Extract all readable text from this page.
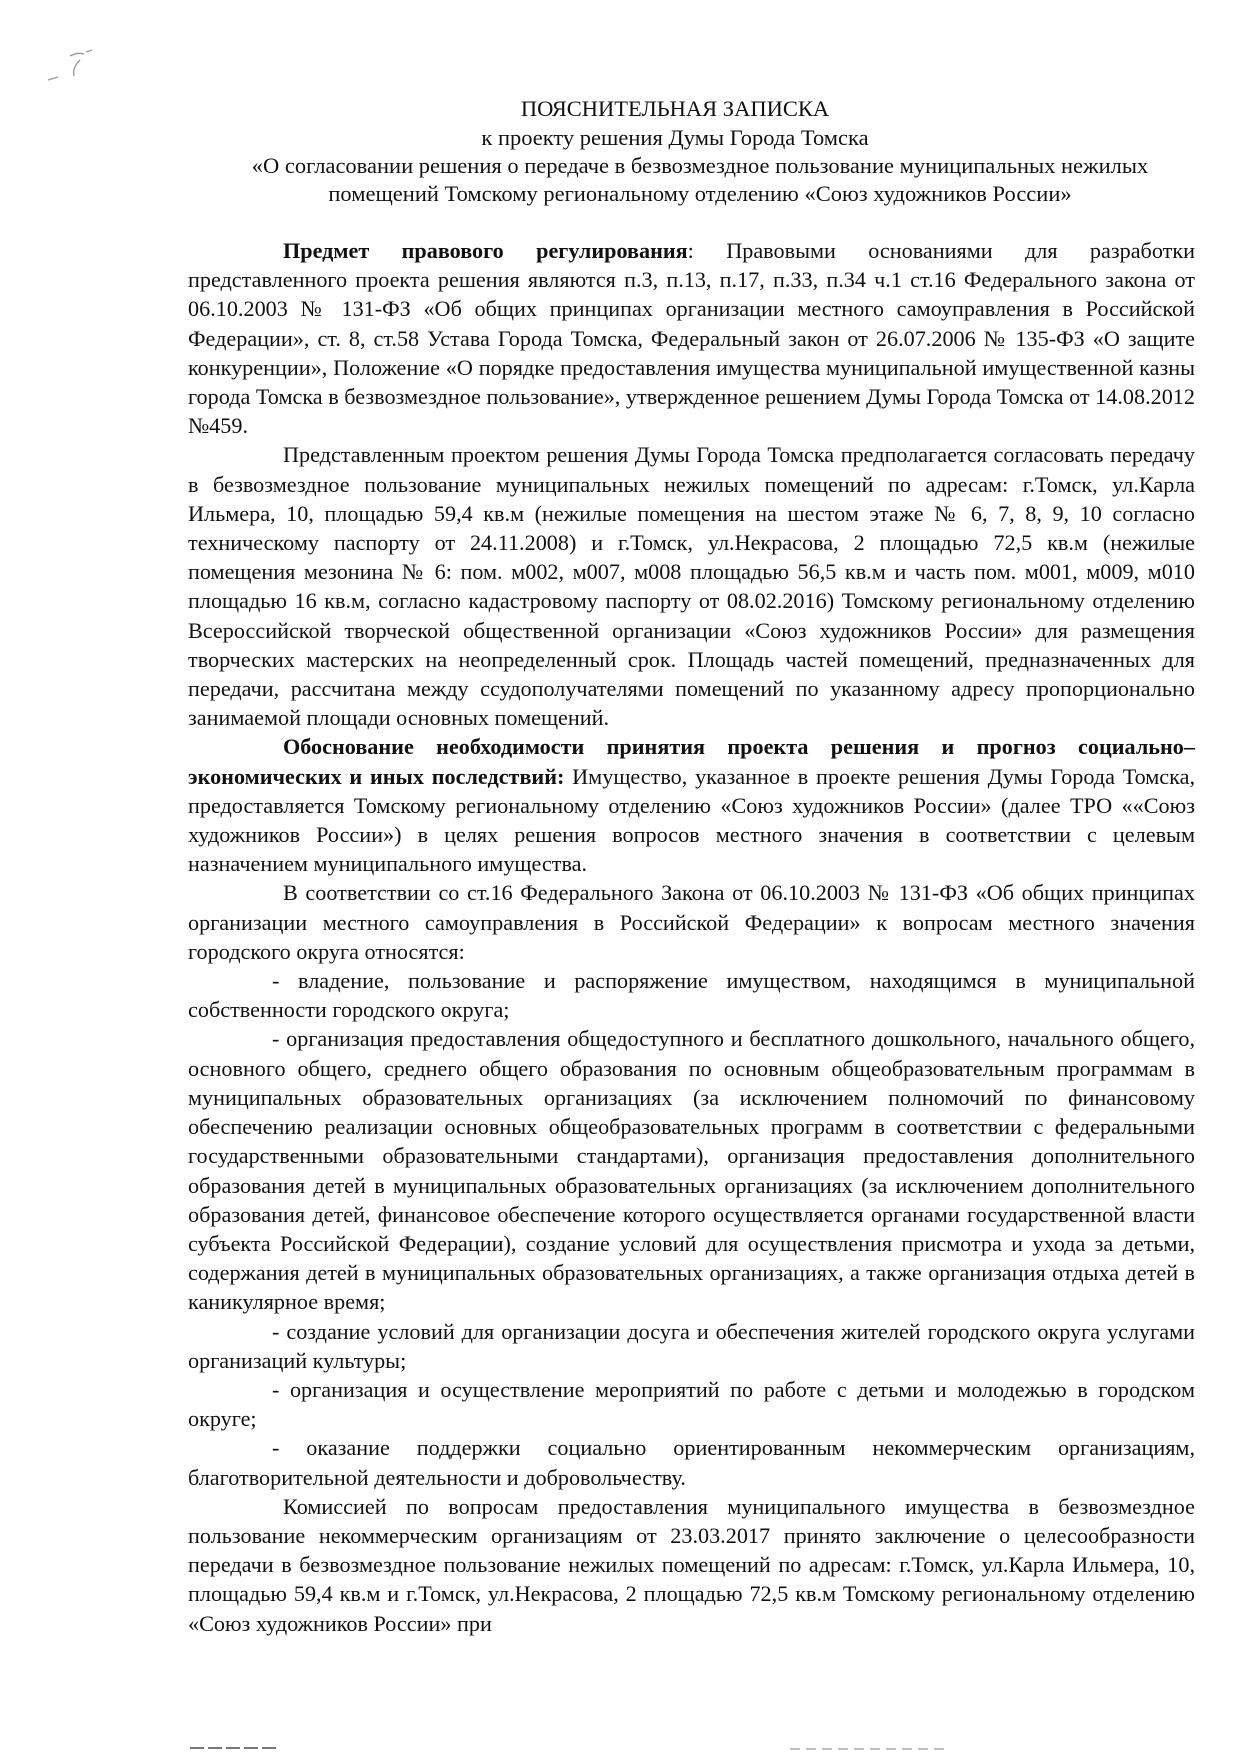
ПОЯСНИТЕЛЬНАЯ ЗАПИСКА
к проекту решения Думы Города Томска
«О согласовании решения о передаче в безвозмездное пользование муниципальных нежилых помещений Томскому региональному отделению «Союз художников России»

Предмет правового регулирования: Правовыми основаниями для разработки представленного проекта решения являются п.3, п.13, п.17, п.33, п.34 ч.1 ст.16 Федерального закона от 06.10.2003 № 131-ФЗ «Об общих принципах организации местного самоуправления в Российской Федерации», ст. 8, ст.58 Устава Города Томска, Федеральный закон от 26.07.2006 № 135-ФЗ «О защите конкуренции», Положение «О порядке предоставления имущества муниципальной имущественной казны города Томска в безвозмездное пользование», утвержденное решением Думы Города Томска от 14.08.2012 №459.

Представленным проектом решения Думы Города Томска предполагается согласовать передачу в безвозмездное пользование муниципальных нежилых помещений по адресам: г.Томск, ул.Карла Ильмера, 10, площадью 59,4 кв.м (нежилые помещения на шестом этаже № 6, 7, 8, 9, 10 согласно техническому паспорту от 24.11.2008) и г.Томск, ул.Некрасова, 2 площадью 72,5 кв.м (нежилые помещения мезонина № 6: пом. м002, м007, м008 площадью 56,5 кв.м и часть пом. м001, м009, м010 площадью 16 кв.м, согласно кадастровому паспорту от 08.02.2016) Томскому региональному отделению Всероссийской творческой общественной организации «Союз художников России» для размещения творческих мастерских на неопределенный срок. Площадь частей помещений, предназначенных для передачи, рассчитана между ссудополучателями помещений по указанному адресу пропорционально занимаемой площади основных помещений.

Обоснование необходимости принятия проекта решения и прогноз социально–экономических и иных последствий: Имущество, указанное в проекте решения Думы Города Томска, предоставляется Томскому региональному отделению «Союз художников России» (далее ТРО ««Союз художников России») в целях решения вопросов местного значения в соответствии с целевым назначением муниципального имущества.

В соответствии со ст.16 Федерального Закона от 06.10.2003 № 131-ФЗ «Об общих принципах организации местного самоуправления в Российской Федерации» к вопросам местного значения городского округа относятся:

- владение, пользование и распоряжение имуществом, находящимся в муниципальной собственности городского округа;

- организация предоставления общедоступного и бесплатного дошкольного, начального общего, основного общего, среднего общего образования по основным общеобразовательным программам в муниципальных образовательных организациях (за исключением полномочий по финансовому обеспечению реализации основных общеобразовательных программ в соответствии с федеральными государственными образовательными стандартами), организация предоставления дополнительного образования детей в муниципальных образовательных организациях (за исключением дополнительного образования детей, финансовое обеспечение которого осуществляется органами государственной власти субъекта Российской Федерации), создание условий для осуществления присмотра и ухода за детьми, содержания детей в муниципальных образовательных организациях, а также организация отдыха детей в каникулярное время;

- создание условий для организации досуга и обеспечения жителей городского округа услугами организаций культуры;

- организация и осуществление мероприятий по работе с детьми и молодежью в городском округе;

- оказание поддержки социально ориентированным некоммерческим организациям, благотворительной деятельности и добровольчеству.

Комиссией по вопросам предоставления муниципального имущества в безвозмездное пользование некоммерческим организациям от 23.03.2017 принято заключение о целесообразности передачи в безвозмездное пользование нежилых помещений по адресам: г.Томск, ул.Карла Ильмера, 10, площадью 59,4 кв.м и г.Томск, ул.Некрасова, 2 площадью 72,5 кв.м Томскому региональному отделению «Союз художников России» при
